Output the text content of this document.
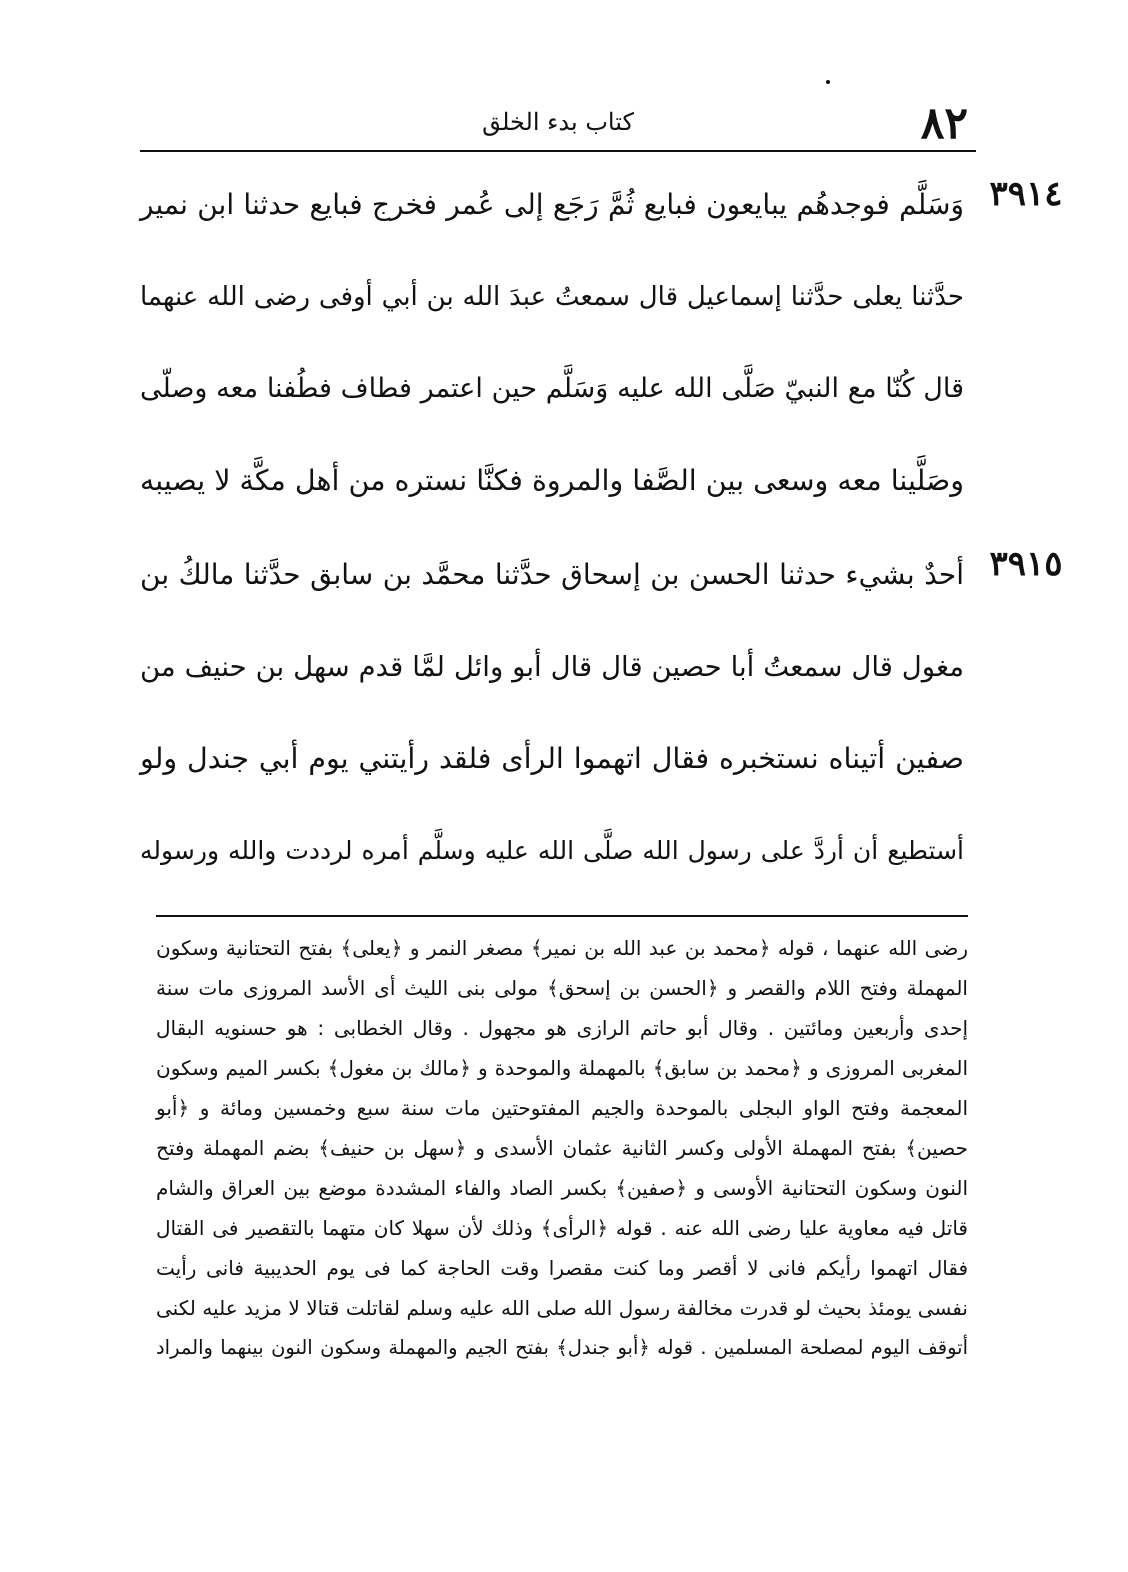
٨٢
كتاب بدء الخلق
٣٩١٤
وَسَلَّم فوجدهُم يبايعون فبايع ثُمَّ رَجَع إلى عُمر فخرج فبايع حدثنا ابن نمير
حدَّثنا يعلى حدَّثنا إسماعيل قال سمعتُ عبدَ الله بن أبي أوفى رضى الله عنهما
قال كُنّا مع النبيّ صَلَّى الله عليه وَسَلَّم حين اعتمر فطاف فطُفنا معه وصلّى
وصَلَّينا معه وسعى بين الصَّفا والمروة فكنَّا نستره من أهل مكَّة لا يصيبه
٣٩١٥
أحدٌ بشيء حدثنا الحسن بن إسحاق حدَّثنا محمَّد بن سابق حدَّثنا مالكُ بن
مغول قال سمعتُ أبا حصين قال قال أبو وائل لمَّا قدم سهل بن حنيف من
صفين أتيناه نستخبره فقال اتهموا الرأى فلقد رأيتني يوم أبي جندل ولو
أستطيع أن أردَّ على رسول الله صلَّى الله عليه وسلَّم أمره لرددت والله ورسوله
رضى الله عنهما ، قوله ﴿محمد بن عبد الله بن نمير﴾ مصغر النمر و ﴿يعلى﴾ بفتح التحتانية وسكون
المهملة وفتح اللام والقصر و ﴿الحسن بن إسحق﴾ مولى بنى الليث أى الأسد المروزى مات سنة
إحدى وأربعين ومائتين . وقال أبو حاتم الرازى هو مجهول . وقال الخطابى : هو حسنويه البقال
المغربى المروزى و ﴿محمد بن سابق﴾ بالمهملة والموحدة و ﴿مالك بن مغول﴾ بكسر الميم وسكون
المعجمة وفتح الواو البجلى بالموحدة والجيم المفتوحتين مات سنة سبع وخمسين ومائة و ﴿أبو
حصين﴾ بفتح المهملة الأولى وكسر الثانية عثمان الأسدى و ﴿سهل بن حنيف﴾ بضم المهملة وفتح
النون وسكون التحتانية الأوسى و ﴿صفين﴾ بكسر الصاد والفاء المشددة موضع بين العراق والشام
قاتل فيه معاوية عليا رضى الله عنه . قوله ﴿الرأى﴾ وذلك لأن سهلا كان متهما بالتقصير فى القتال
فقال اتهموا رأيكم فانى لا أقصر وما كنت مقصرا وقت الحاجة كما فى يوم الحديبية فانى رأيت
نفسى يومئذ بحيث لو قدرت مخالفة رسول الله صلى الله عليه وسلم لقاتلت قتالا لا مزيد عليه لكنى
أتوقف اليوم لمصلحة المسلمين . قوله ﴿أبو جندل﴾ بفتح الجيم والمهملة وسكون النون بينهما والمراد
